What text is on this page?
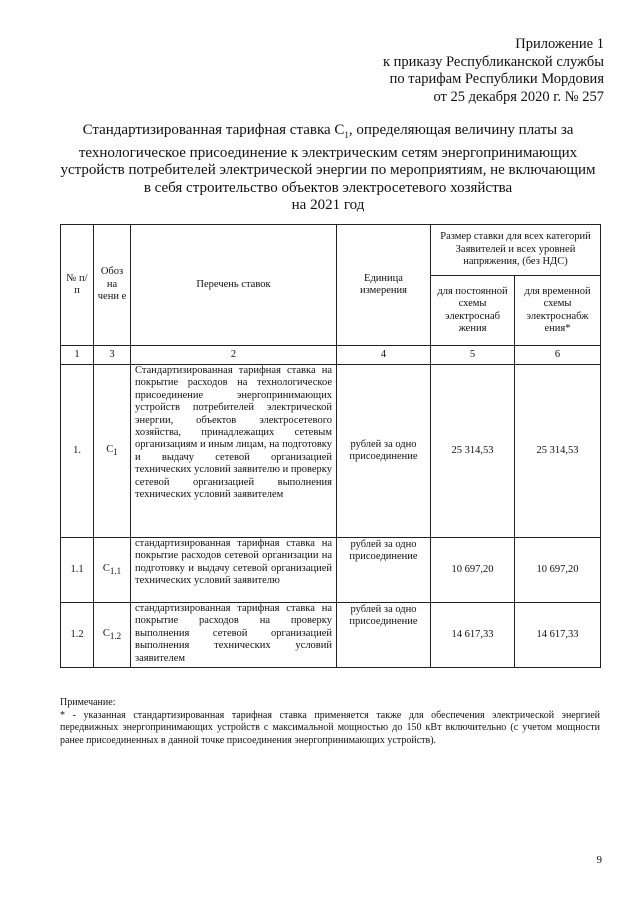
Приложение 1
к приказу Республиканской службы
по тарифам Республики Мордовия
от 25 декабря 2020 г. № 257
Стандартизированная тарифная ставка $С_1$, определяющая величину платы за
технологическое присоединение к электрическим сетям энергопринимающих
устройств потребителей электрической энергии по мероприятиям, не включающим
в себя строительство объектов электросетевого хозяйства
на 2021 год
№ п/п	Обоз на чени е	Перечень ставок	Единица измерения	Размер ставки для всех категорий Заявителей и всех уровней напряжения, (без НДС)	
				для постоянной схемы электроснаб жения	для временной схемы электроснабж ения*
1	3	2	4	5	6
1.	$С_1$	Стандартизированная тарифная ставка на покрытие расходов на технологическое присоединение энергопринимающих устройств потребителей электрической энергии, объектов электросетевого хозяйства, принадлежащих сетевым организациям и иным лицам, на подготовку и выдачу сетевой организацией технических условий заявителю и проверку сетевой организацией выполнения технических условий заявителем	рублей за одно присоединение	25 314,53	25 314,53
1.1	$С_{1.1}$	стандартизированная тарифная ставка на покрытие расходов сетевой организации на подготовку и выдачу сетевой организацией технических условий заявителю	рублей за одно присоединение	10 697,20	10 697,20
1.2	$С_{1.2}$	стандартизированная тарифная ставка на покрытие расходов на проверку выполнения сетевой организацией выполнения технических условий заявителем	рублей за одно присоединение	14 617,33	14 617,33
Примечание:
* - указанная стандартизированная тарифная ставка применяется также для обеспечения электрической энергией передвижных энергопринимающих устройств с максимальной мощностью до 150 кВт включительно (с учетом мощности ранее присоединенных в данной точке присоединения энергопринимающих устройств).
9
